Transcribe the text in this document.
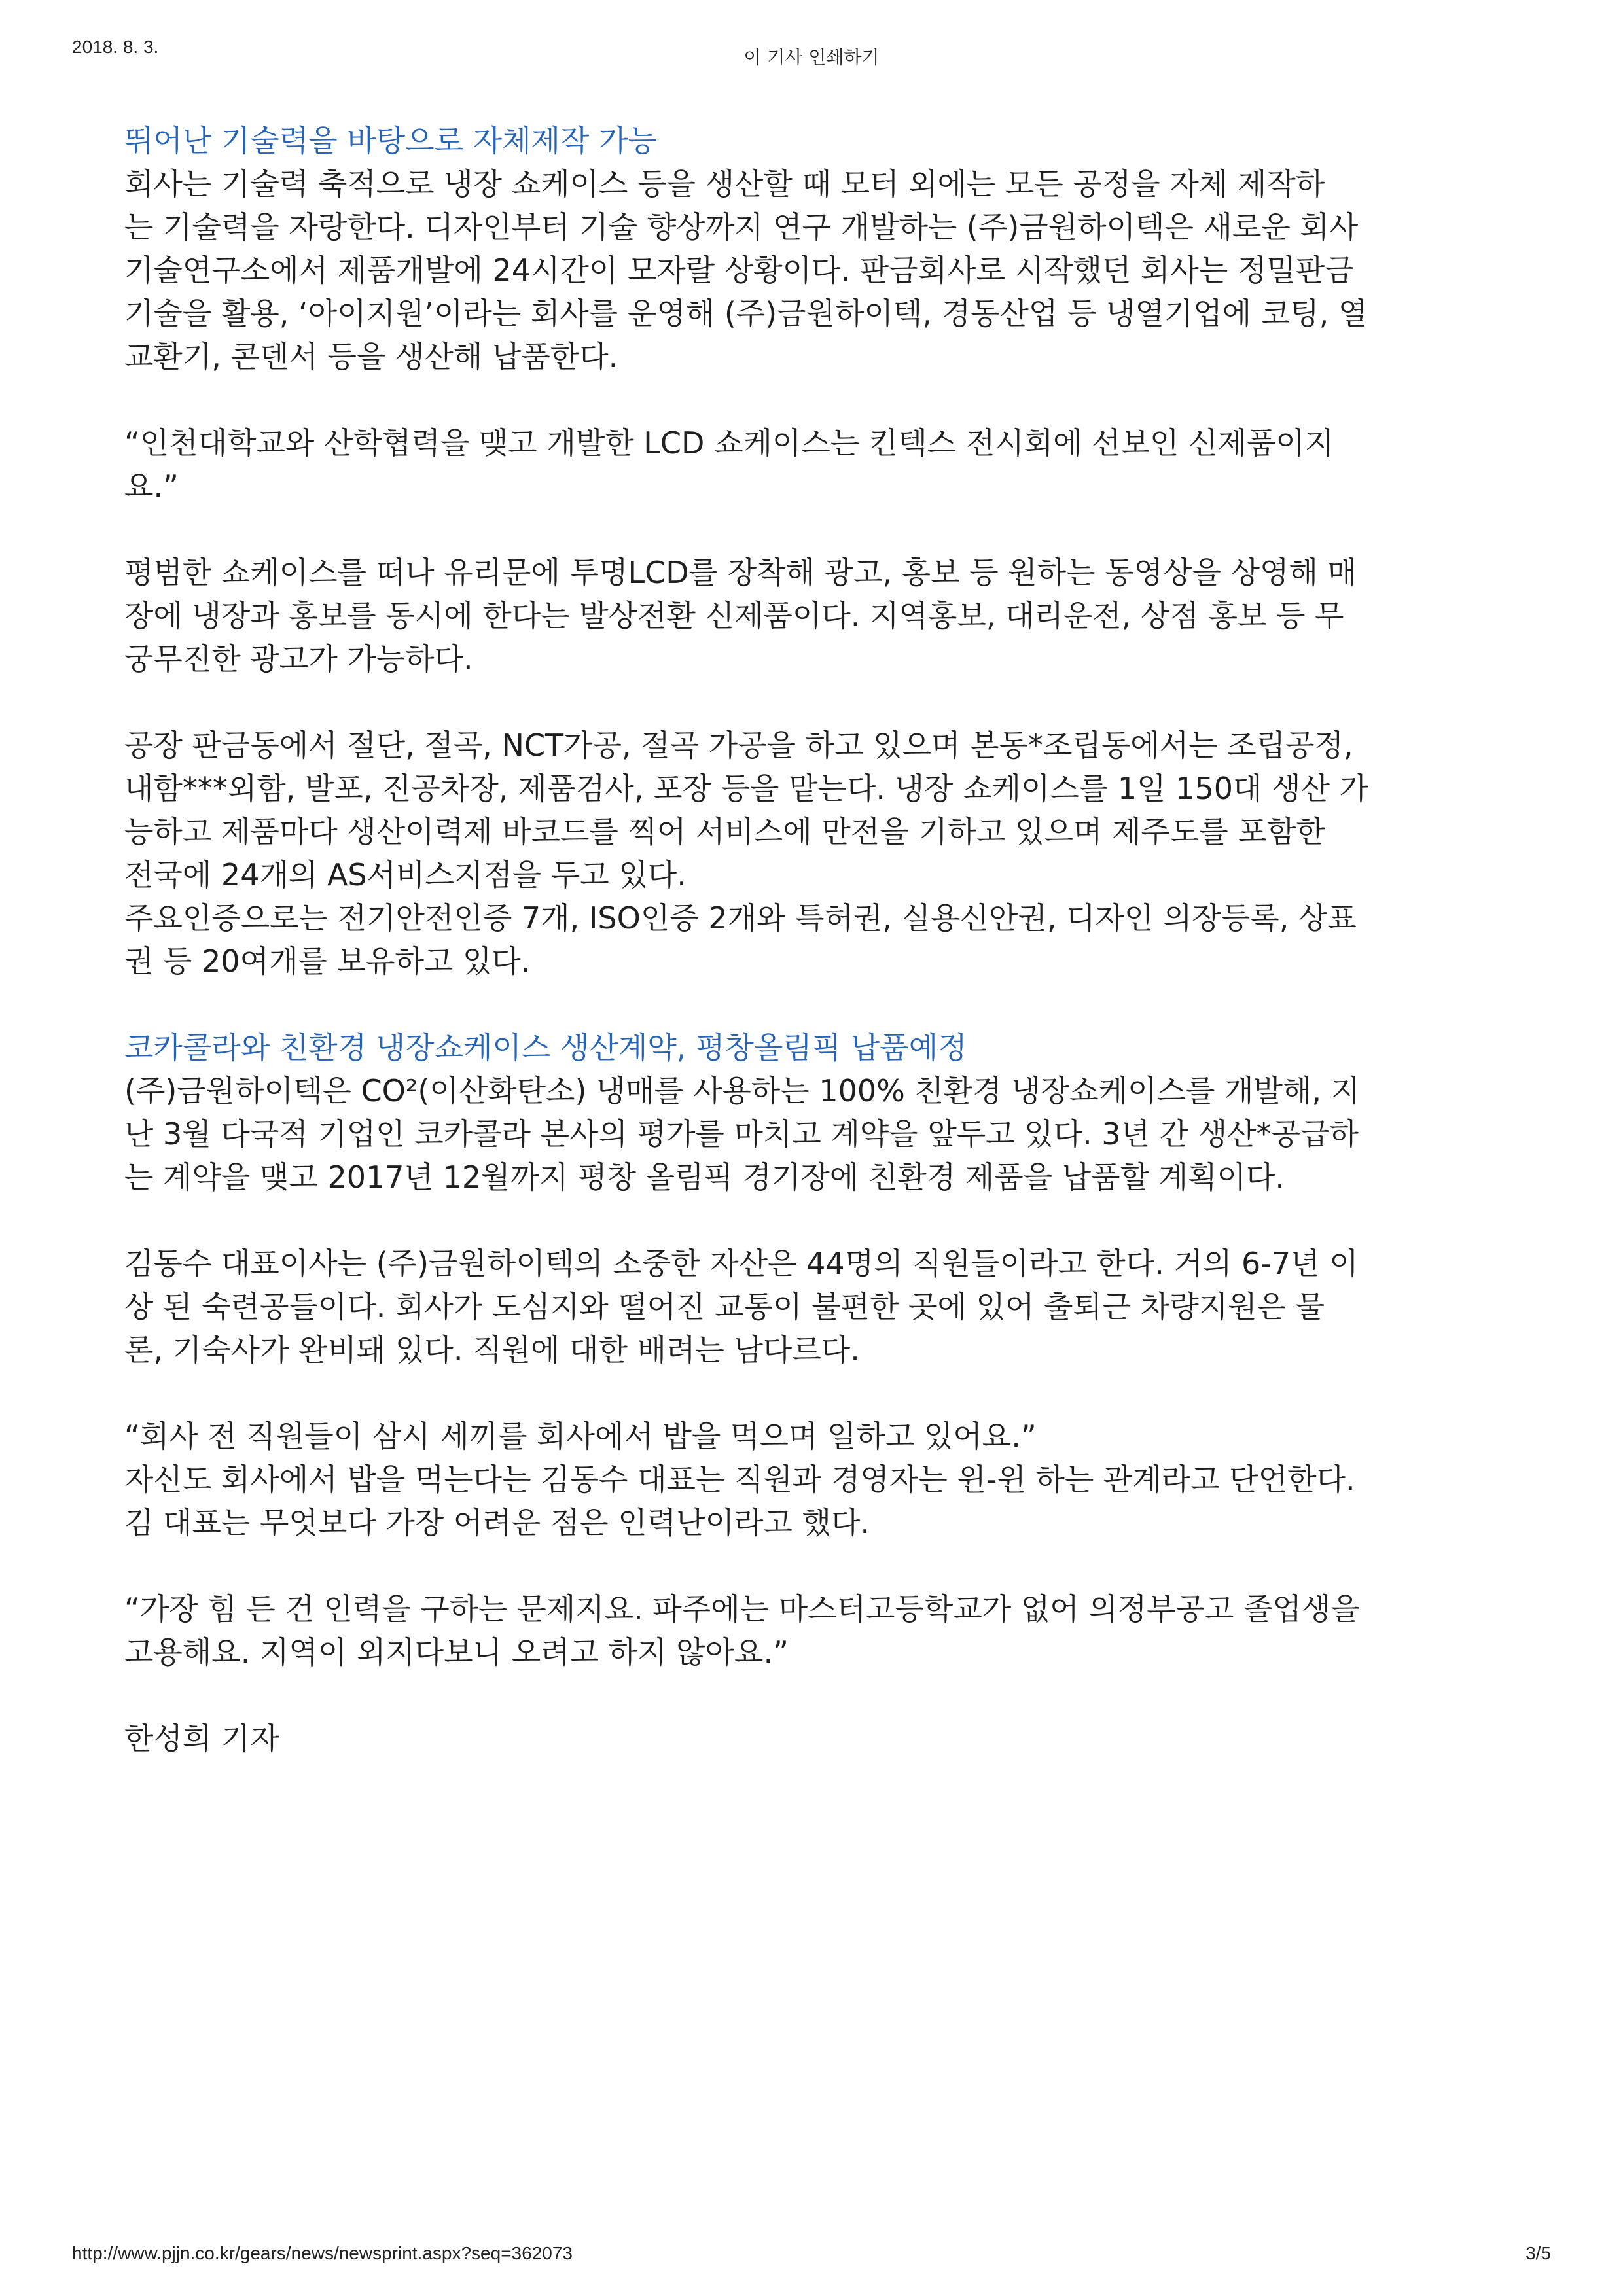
2018. 8. 3.	이 기사 인쇄하기
뛰어난 기술력을 바탕으로 자체제작 가능

회사는 기술력 축적으로 냉장 쇼케이스 등을 생산할 때 모터 외에는 모든 공정을 자체 제작하
는 기술력을 자랑한다. 디자인부터 기술 향상까지 연구 개발하는 (주)금원하이텍은 새로운 회사
기술연구소에서 제품개발에 24시간이 모자랄 상황이다. 판금회사로 시작했던 회사는 정밀판금
기술을 활용, ‘아이지원’이라는 회사를 운영해 (주)금원하이텍, 경동산업 등 냉열기업에 코팅, 열
교환기, 콘덴서 등을 생산해 납품한다.

“인천대학교와 산학협력을 맺고 개발한 LCD 쇼케이스는 킨텍스 전시회에 선보인 신제품이지
요.”

평범한 쇼케이스를 떠나 유리문에 투명LCD를 장착해 광고, 홍보 등 원하는 동영상을 상영해 매
장에 냉장과 홍보를 동시에 한다는 발상전환 신제품이다. 지역홍보, 대리운전, 상점 홍보 등 무
궁무진한 광고가 가능하다.

공장 판금동에서 절단, 절곡, NCT가공, 절곡 가공을 하고 있으며 본동*조립동에서는 조립공정,
내함***외함, 발포, 진공차장, 제품검사, 포장 등을 맡는다. 냉장 쇼케이스를 1일 150대 생산 가
능하고 제품마다 생산이력제 바코드를 찍어 서비스에 만전을 기하고 있으며 제주도를 포함한
전국에 24개의 AS서비스지점을 두고 있다.

주요인증으로는 전기안전인증 7개, ISO인증 2개와 특허권, 실용신안권, 디자인 의장등록, 상표
권 등 20여개를 보유하고 있다.

코카콜라와 친환경 냉장쇼케이스 생산계약, 평창올림픽 납품예정

(주)금원하이텍은 CO²(이산화탄소) 냉매를 사용하는 100% 친환경 냉장쇼케이스를 개발해, 지
난 3월 다국적 기업인 코카콜라 본사의 평가를 마치고 계약을 앞두고 있다. 3년 간 생산*공급하
는 계약을 맺고 2017년 12월까지 평창 올림픽 경기장에 친환경 제품을 납품할 계획이다.

김동수 대표이사는 (주)금원하이텍의 소중한 자산은 44명의 직원들이라고 한다. 거의 6-7년 이
상 된 숙련공들이다. 회사가 도심지와 떨어진 교통이 불편한 곳에 있어 출퇴근 차량지원은 물
론, 기숙사가 완비돼 있다. 직원에 대한 배려는 남다르다.

“회사 전 직원들이 삼시 세끼를 회사에서 밥을 먹으며 일하고 있어요.”

자신도 회사에서 밥을 먹는다는 김동수 대표는 직원과 경영자는 윈-윈 하는 관계라고 단언한다.
김 대표는 무엇보다 가장 어려운 점은 인력난이라고 했다.

“가장 힘 든 건 인력을 구하는 문제지요. 파주에는 마스터고등학교가 없어 의정부공고 졸업생을
고용해요. 지역이 외지다보니 오려고 하지 않아요.”

한성희 기자

http://www.pjjn.co.kr/gears/news/newsprint.aspx?seq=362073	3/5
